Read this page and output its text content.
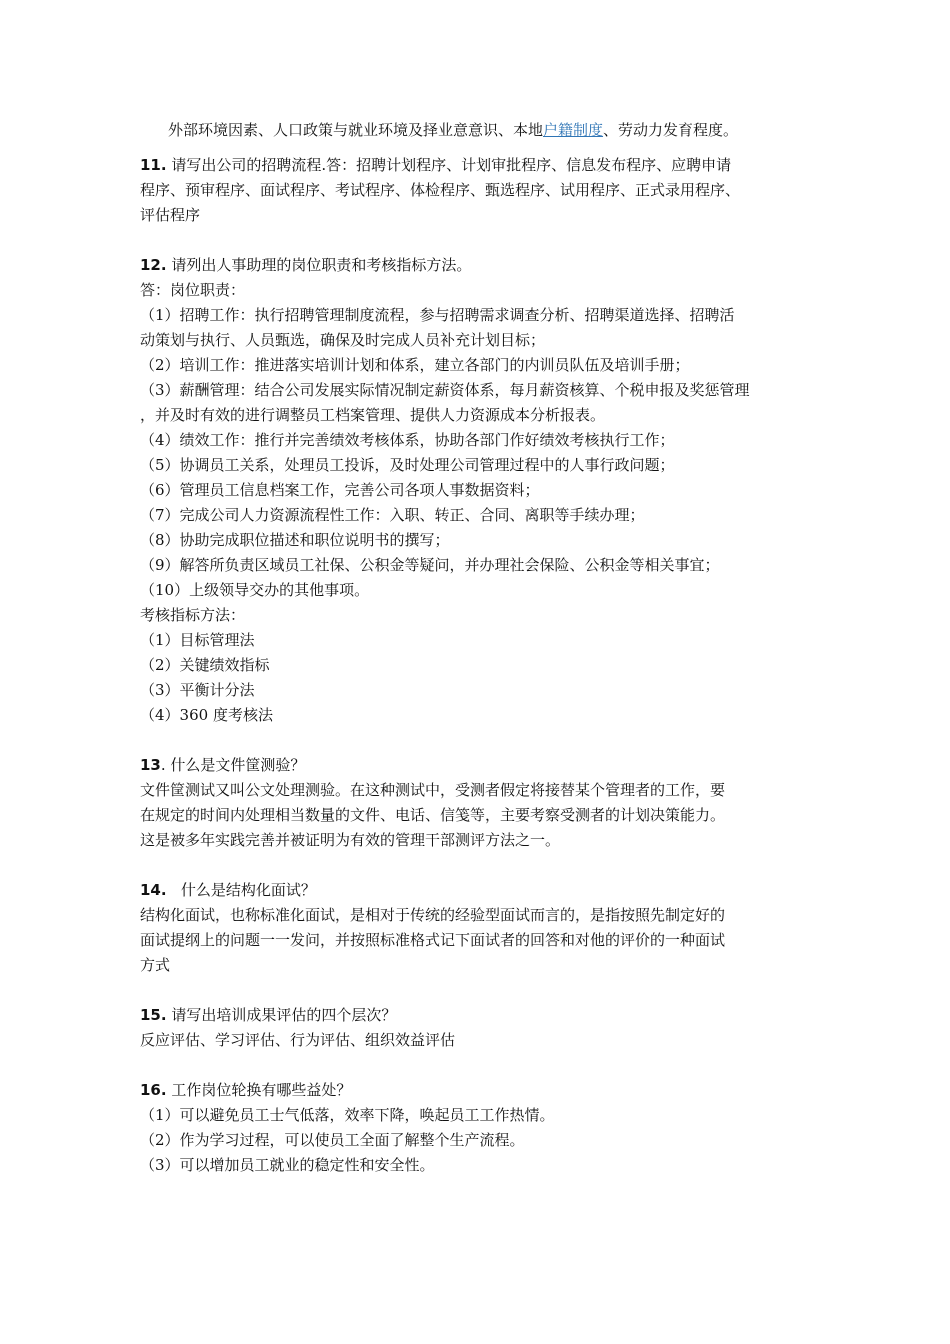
外部环境因素、人口政策与就业环境及择业意意识、本地户籍制度、劳动力发育程度。
11. 请写出公司的招聘流程.答：招聘计划程序、计划审批程序、信息发布程序、应聘申请
程序、预审程序、面试程序、考试程序、体检程序、甄选程序、试用程序、正式录用程序、
评估程序
12. 请列出人事助理的岗位职责和考核指标方法。
答：岗位职责：
（1）招聘工作：执行招聘管理制度流程，参与招聘需求调查分析、招聘渠道选择、招聘活
动策划与执行、人员甄选，确保及时完成人员补充计划目标；
（2）培训工作：推进落实培训计划和体系，建立各部门的内训员队伍及培训手册；
（3）薪酬管理：结合公司发展实际情况制定薪资体系，每月薪资核算、个税申报及奖惩管理
，并及时有效的进行调整员工档案管理、提供人力资源成本分析报表。
（4）绩效工作：推行并完善绩效考核体系，协助各部门作好绩效考核执行工作；
（5）协调员工关系，处理员工投诉，及时处理公司管理过程中的人事行政问题；
（6）管理员工信息档案工作，完善公司各项人事数据资料；
（7）完成公司人力资源流程性工作：入职、转正、合同、离职等手续办理；
（8）协助完成职位描述和职位说明书的撰写；
（9）解答所负责区域员工社保、公积金等疑问，并办理社会保险、公积金等相关事宜；
（10）上级领导交办的其他事项。
考核指标方法：
（1）目标管理法
（2）关键绩效指标
（3）平衡计分法
（4）360 度考核法
13. 什么是文件筐测验？
文件筐测试又叫公文处理测验。在这种测试中，受测者假定将接替某个管理者的工作，要
在规定的时间内处理相当数量的文件、电话、信笺等，主要考察受测者的计划决策能力。
这是被多年实践完善并被证明为有效的管理干部测评方法之一。
14. 什么是结构化面试？
结构化面试，也称标准化面试，是相对于传统的经验型面试而言的，是指按照先制定好的
面试提纲上的问题一一发问，并按照标准格式记下面试者的回答和对他的评价的一种面试
方式
15. 请写出培训成果评估的四个层次？
反应评估、学习评估、行为评估、组织效益评估
16. 工作岗位轮换有哪些益处？
（1）可以避免员工士气低落，效率下降，唤起员工工作热情。
（2）作为学习过程，可以使员工全面了解整个生产流程。
（3）可以增加员工就业的稳定性和安全性。
